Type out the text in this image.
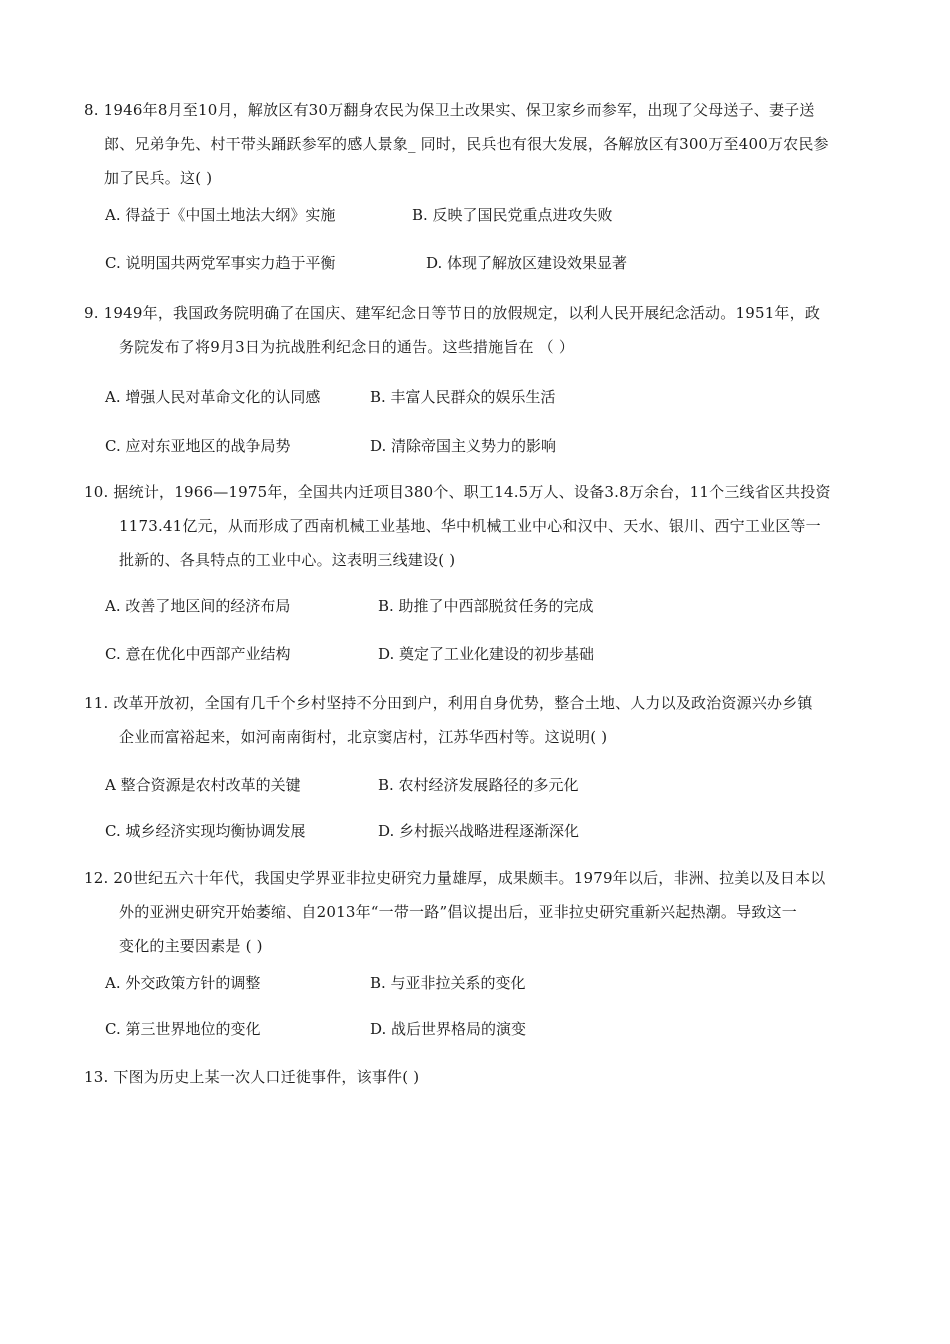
8. 1946年8月至10月，解放区有30万翻身农民为保卫土改果实、保卫家乡而参军，出现了父母送子、妻子送
郎、兄弟争先、村干带头踊跃参军的感人景象_ 同时，民兵也有很大发展，各解放区有300万至400万农民参
加了民兵。这( )
A. 得益于《中国土地法大纲》实施	B. 反映了国民党重点进攻失败
C. 说明国共两党军事实力趋于平衡	D. 体现了解放区建设效果显著
9. 1949年，我国政务院明确了在国庆、建军纪念日等节日的放假规定，以利人民开展纪念活动。1951年，政
务院发布了将9月3日为抗战胜利纪念日的通告。这些措施旨在 （ ）
A. 增强人民对革命文化的认同感	B. 丰富人民群众的娱乐生活
C. 应对东亚地区的战争局势	D. 清除帝国主义势力的影响
10. 据统计，1966—1975年，全国共内迁项目380个、职工14.5万人、设备3.8万余台，11个三线省区共投资
1173.41亿元，从而形成了西南机械工业基地、华中机械工业中心和汉中、天水、银川、西宁工业区等一
批新的、各具特点的工业中心。这表明三线建设( )
A. 改善了地区间的经济布局	B. 助推了中西部脱贫任务的完成
C. 意在优化中西部产业结构	D. 奠定了工业化建设的初步基础
11. 改革开放初，全国有几千个乡村坚持不分田到户，利用自身优势，整合土地、人力以及政治资源兴办乡镇
企业而富裕起来，如河南南街村，北京窦店村，江苏华西村等。这说明( )
A 整合资源是农村改革的关键	B. 农村经济发展路径的多元化
C. 城乡经济实现均衡协调发展	D. 乡村振兴战略进程逐渐深化
12. 20世纪五六十年代，我国史学界亚非拉史研究力量雄厚，成果颇丰。1979年以后，非洲、拉美以及日本以
外的亚洲史研究开始萎缩、自2013年“一带一路”倡议提出后，亚非拉史研究重新兴起热潮。导致这一
变化的主要因素是 ( )
A. 外交政策方针的调整	B. 与亚非拉关系的变化
C. 第三世界地位的变化	D. 战后世界格局的演变
13. 下图为历史上某一次人口迁徙事件，该事件( )
